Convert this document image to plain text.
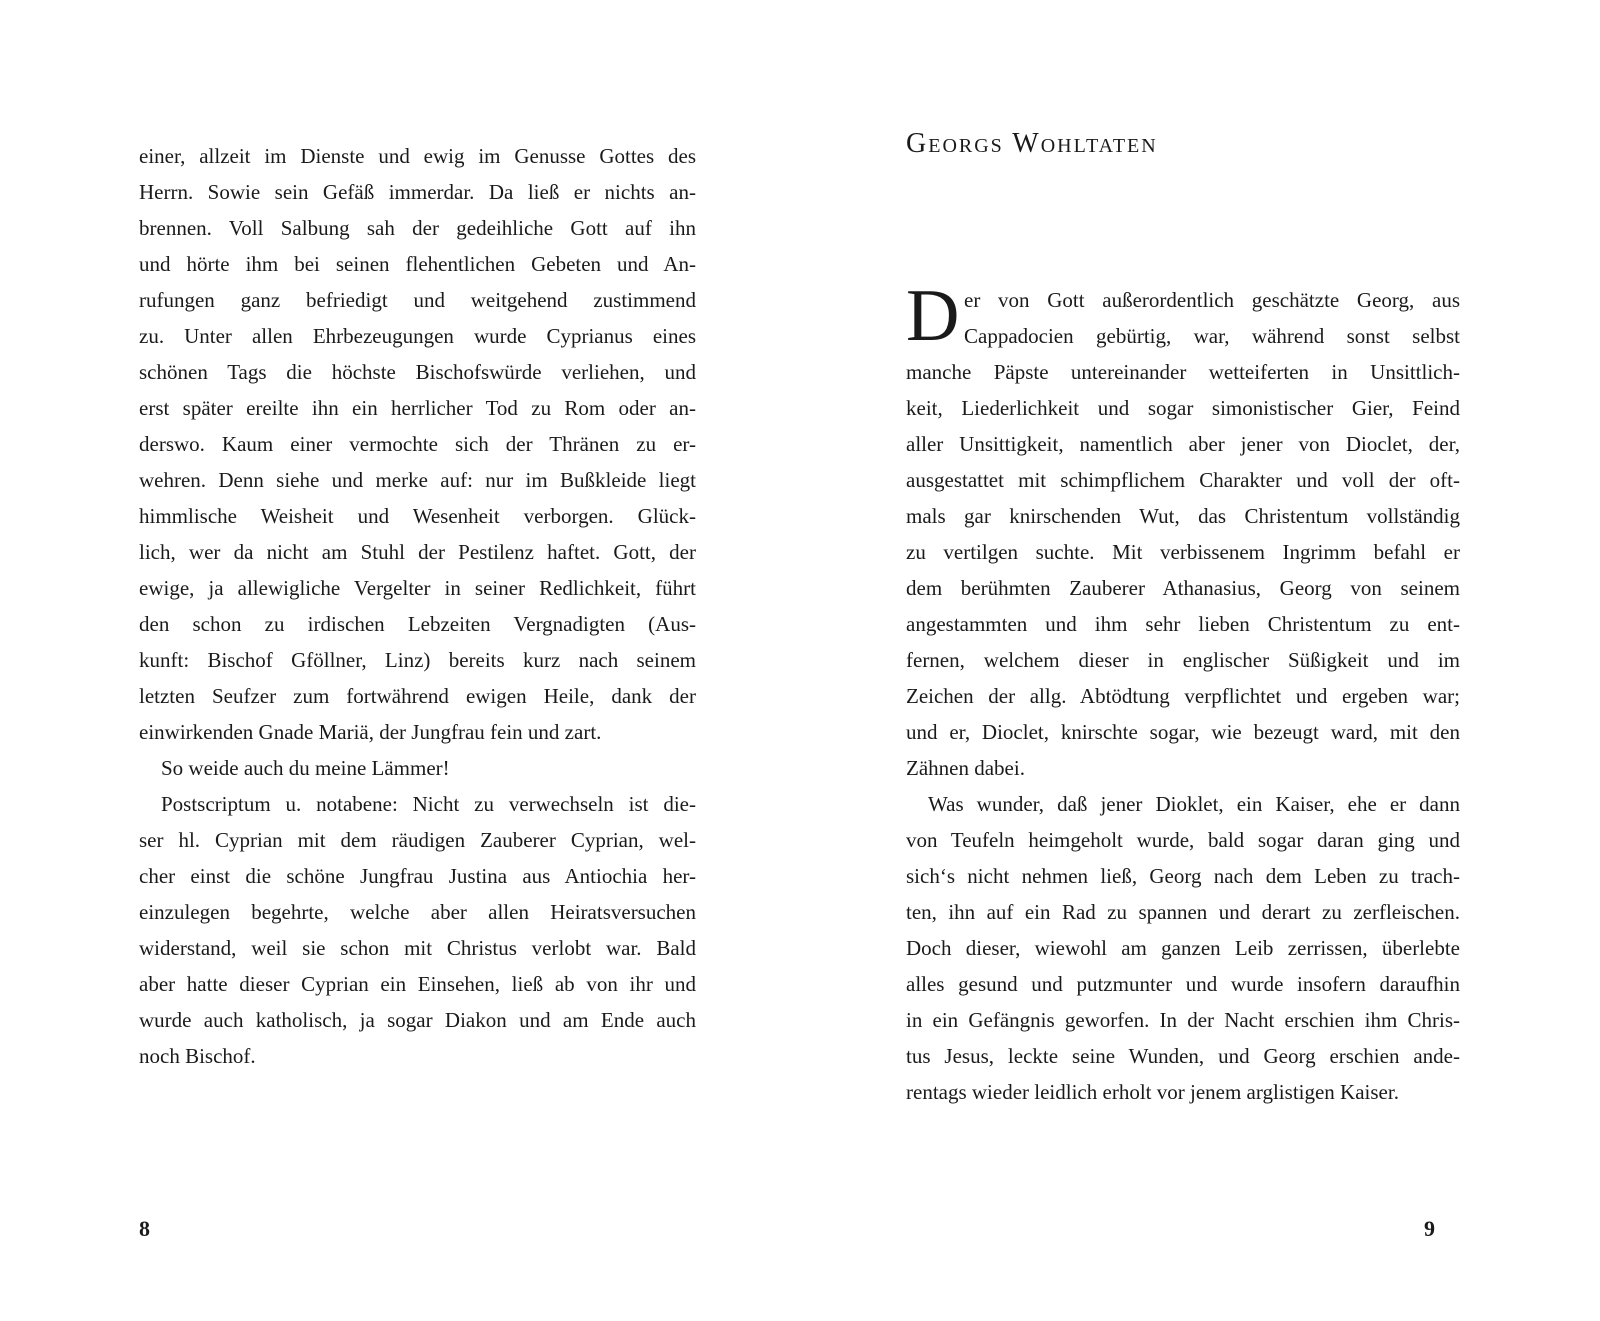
einer, allzeit im Dienste und ewig im Genusse Gottes des
Herrn. Sowie sein Gefäß immerdar. Da ließ er nichts an-
brennen. Voll Salbung sah der gedeihliche Gott auf ihn
und hörte ihm bei seinen flehentlichen Gebeten und An-
rufungen ganz befriedigt und weitgehend zustimmend
zu. Unter allen Ehrbezeugungen wurde Cyprianus eines
schönen Tags die höchste Bischofswürde verliehen, und
erst später ereilte ihn ein herrlicher Tod zu Rom oder an-
derswo. Kaum einer vermochte sich der Thränen zu er-
wehren. Denn siehe und merke auf: nur im Bußkleide liegt
himmlische Weisheit und Wesenheit verborgen. Glück-
lich, wer da nicht am Stuhl der Pestilenz haftet. Gott, der
ewige, ja allewigliche Vergelter in seiner Redlichkeit, führt
den schon zu irdischen Lebzeiten Vergnadigten (Aus-
kunft: Bischof Gföllner, Linz) bereits kurz nach seinem
letzten Seufzer zum fortwährend ewigen Heile, dank der
einwirkenden Gnade Mariä, der Jungfrau fein und zart.
So weide auch du meine Lämmer!
Postscriptum u. notabene: Nicht zu verwechseln ist die-
ser hl. Cyprian mit dem räudigen Zauberer Cyprian, wel-
cher einst die schöne Jungfrau Justina aus Antiochia her-
einzulegen begehrte, welche aber allen Heiratsversuchen
widerstand, weil sie schon mit Christus verlobt war. Bald
aber hatte dieser Cyprian ein Einsehen, ließ ab von ihr und
wurde auch katholisch, ja sogar Diakon und am Ende auch
noch Bischof.
8
Georgs Wohltaten
D er von Gott außerordentlich geschätzte Georg, aus
Cappadocien gebürtig, war, während sonst selbst
manche Päpste untereinander wetteiferten in Unsittlich-
keit, Liederlichkeit und sogar simonistischer Gier, Feind
aller Unsittigkeit, namentlich aber jener von Dioclet, der,
ausgestattet mit schimpflichem Charakter und voll der oft-
mals gar knirschenden Wut, das Christentum vollständig
zu vertilgen suchte. Mit verbissenem Ingrimm befahl er
dem berühmten Zauberer Athanasius, Georg von seinem
angestammten und ihm sehr lieben Christentum zu ent-
fernen, welchem dieser in englischer Süßigkeit und im
Zeichen der allg. Abtödtung verpflichtet und ergeben war;
und er, Dioclet, knirschte sogar, wie bezeugt ward, mit den
Zähnen dabei.
Was wunder, daß jener Dioklet, ein Kaiser, ehe er dann
von Teufeln heimgeholt wurde, bald sogar daran ging und
sich‘s nicht nehmen ließ, Georg nach dem Leben zu trach-
ten, ihn auf ein Rad zu spannen und derart zu zerfleischen.
Doch dieser, wiewohl am ganzen Leib zerrissen, überlebte
alles gesund und putzmunter und wurde insofern daraufhin
in ein Gefängnis geworfen. In der Nacht erschien ihm Chris-
tus Jesus, leckte seine Wunden, und Georg erschien ande-
rentags wieder leidlich erholt vor jenem arglistigen Kaiser.
9
